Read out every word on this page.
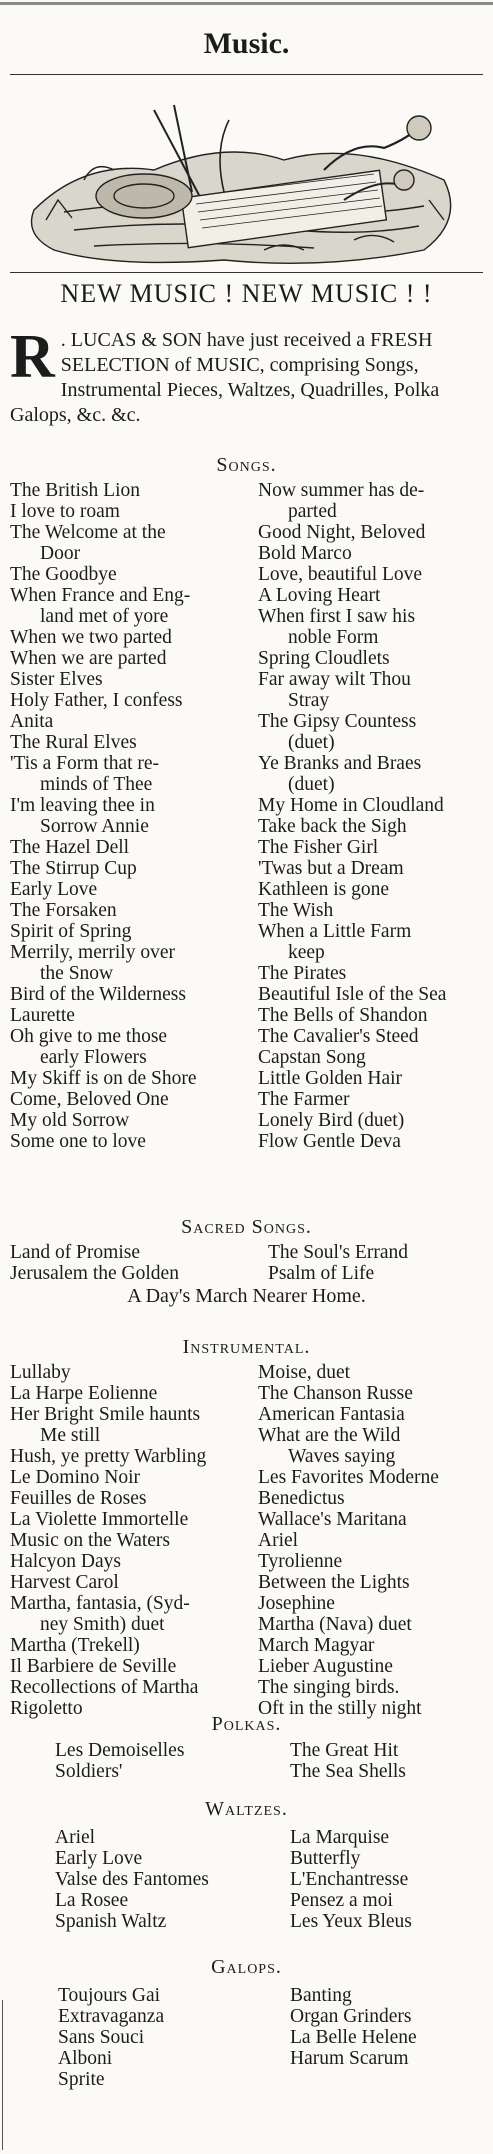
Music.
NEW MUSIC ! NEW MUSIC ! !
R . LUCAS & SON have just received a FRESH SELECTION of MUSIC, comprising Songs, Instrumental Pieces, Waltzes, Quadrilles, Polka Galops, &c. &c.
Songs.
The British Lion
I love to roam
The Welcome at the
Door
The Goodbye
When France and Eng-
land met of yore
When we two parted
When we are parted
Sister Elves
Holy Father, I confess
Anita
The Rural Elves
'Tis a Form that re-
minds of Thee
I'm leaving thee in
Sorrow Annie
The Hazel Dell
The Stirrup Cup
Early Love
The Forsaken
Spirit of Spring
Merrily, merrily over
the Snow
Bird of the Wilderness
Laurette
Oh give to me those
early Flowers
My Skiff is on de Shore
Come, Beloved One
My old Sorrow
Some one to love
Now summer has de-
parted
Good Night, Beloved
Bold Marco
Love, beautiful Love
A Loving Heart
When first I saw his
noble Form
Spring Cloudlets
Far away wilt Thou
Stray
The Gipsy Countess
(duet)
Ye Branks and Braes
(duet)
My Home in Cloudland
Take back the Sigh
The Fisher Girl
'Twas but a Dream
Kathleen is gone
The Wish
When a Little Farm
keep
The Pirates
Beautiful Isle of the Sea
The Bells of Shandon
The Cavalier's Steed
Capstan Song
Little Golden Hair
The Farmer
Lonely Bird (duet)
Flow Gentle Deva
Sacred Songs.
Land of Promise
Jerusalem the Golden
The Soul's Errand
Psalm of Life
A Day's March Nearer Home.
Instrumental.
Lullaby
La Harpe Eolienne
Her Bright Smile haunts
Me still
Hush, ye pretty Warbling
Le Domino Noir
Feuilles de Roses
La Violette Immortelle
Music on the Waters
Halcyon Days
Harvest Carol
Martha, fantasia, (Syd-
ney Smith) duet
Martha (Trekell)
Il Barbiere de Seville
Recollections of Martha
Rigoletto
Moise, duet
The Chanson Russe
American Fantasia
What are the Wild
Waves saying
Les Favorites Moderne
Benedictus
Wallace's Maritana
Ariel
Tyrolienne
Between the Lights
Josephine
Martha (Nava) duet
March Magyar
Lieber Augustine
The singing birds.
Oft in the stilly night
Polkas.
Les Demoiselles
Soldiers'
The Great Hit
The Sea Shells
Waltzes.
Ariel
Early Love
Valse des Fantomes
La Rosee
Spanish Waltz
La Marquise
Butterfly
L'Enchantresse
Pensez a moi
Les Yeux Bleus
Galops.
Toujours Gai
Extravaganza
Sans Souci
Alboni
Sprite
Banting
Organ Grinders
La Belle Helene
Harum Scarum
